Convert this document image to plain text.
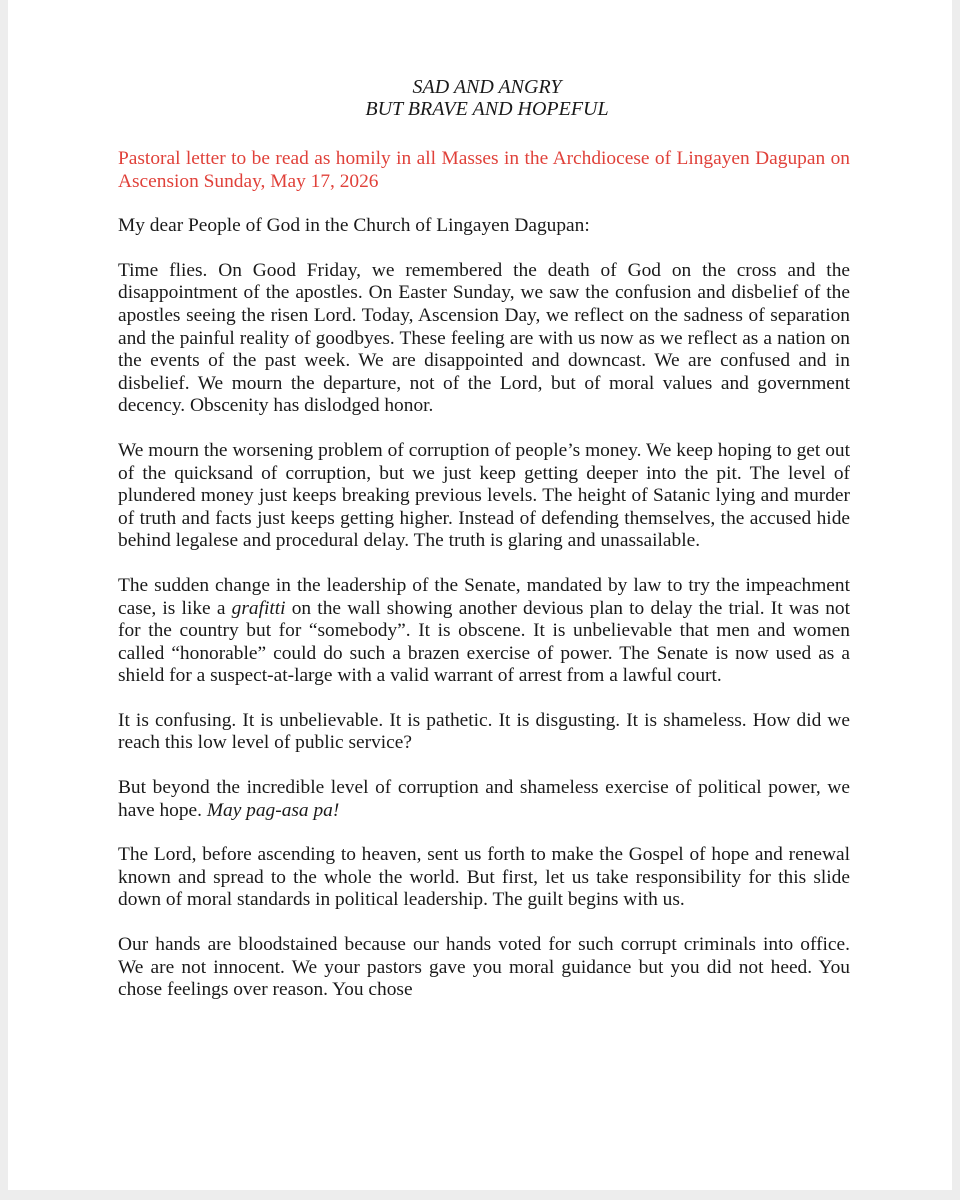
SAD AND ANGRY
BUT BRAVE AND HOPEFUL

Pastoral letter to be read as homily in all Masses in the Archdiocese of Lingayen Dagupan on Ascension Sunday, May 17, 2026

My dear People of God in the Church of Lingayen Dagupan:

Time flies. On Good Friday, we remembered the death of God on the cross and the disappointment of the apostles. On Easter Sunday, we saw the confusion and disbelief of the apostles seeing the risen Lord. Today, Ascension Day, we reflect on the sadness of separation and the painful reality of goodbyes. These feeling are with us now as we reflect as a nation on the events of the past week. We are disappointed and downcast. We are confused and in disbelief. We mourn the departure, not of the Lord, but of moral values and government decency. Obscenity has dislodged honor.

We mourn the worsening problem of corruption of people’s money. We keep hoping to get out of the quicksand of corruption, but we just keep getting deeper into the pit. The level of plundered money just keeps breaking previous levels. The height of Satanic lying and murder of truth and facts just keeps getting higher. Instead of defending themselves, the accused hide behind legalese and procedural delay. The truth is glaring and unassailable.

The sudden change in the leadership of the Senate, mandated by law to try the impeachment case, is like a grafitti on the wall showing another devious plan to delay the trial. It was not for the country but for “somebody”. It is obscene. It is unbelievable that men and women called “honorable” could do such a brazen exercise of power. The Senate is now used as a shield for a suspect-at-large with a valid warrant of arrest from a lawful court.

It is confusing. It is unbelievable. It is pathetic. It is disgusting. It is shameless. How did we reach this low level of public service?

But beyond the incredible level of corruption and shameless exercise of political power, we have hope. May pag-asa pa!

The Lord, before ascending to heaven, sent us forth to make the Gospel of hope and renewal known and spread to the whole the world. But first, let us take responsibility for this slide down of moral standards in political leadership. The guilt begins with us.

Our hands are bloodstained because our hands voted for such corrupt criminals into office. We are not innocent. We your pastors gave you moral guidance but you did not heed. You chose feelings over reason. You chose
